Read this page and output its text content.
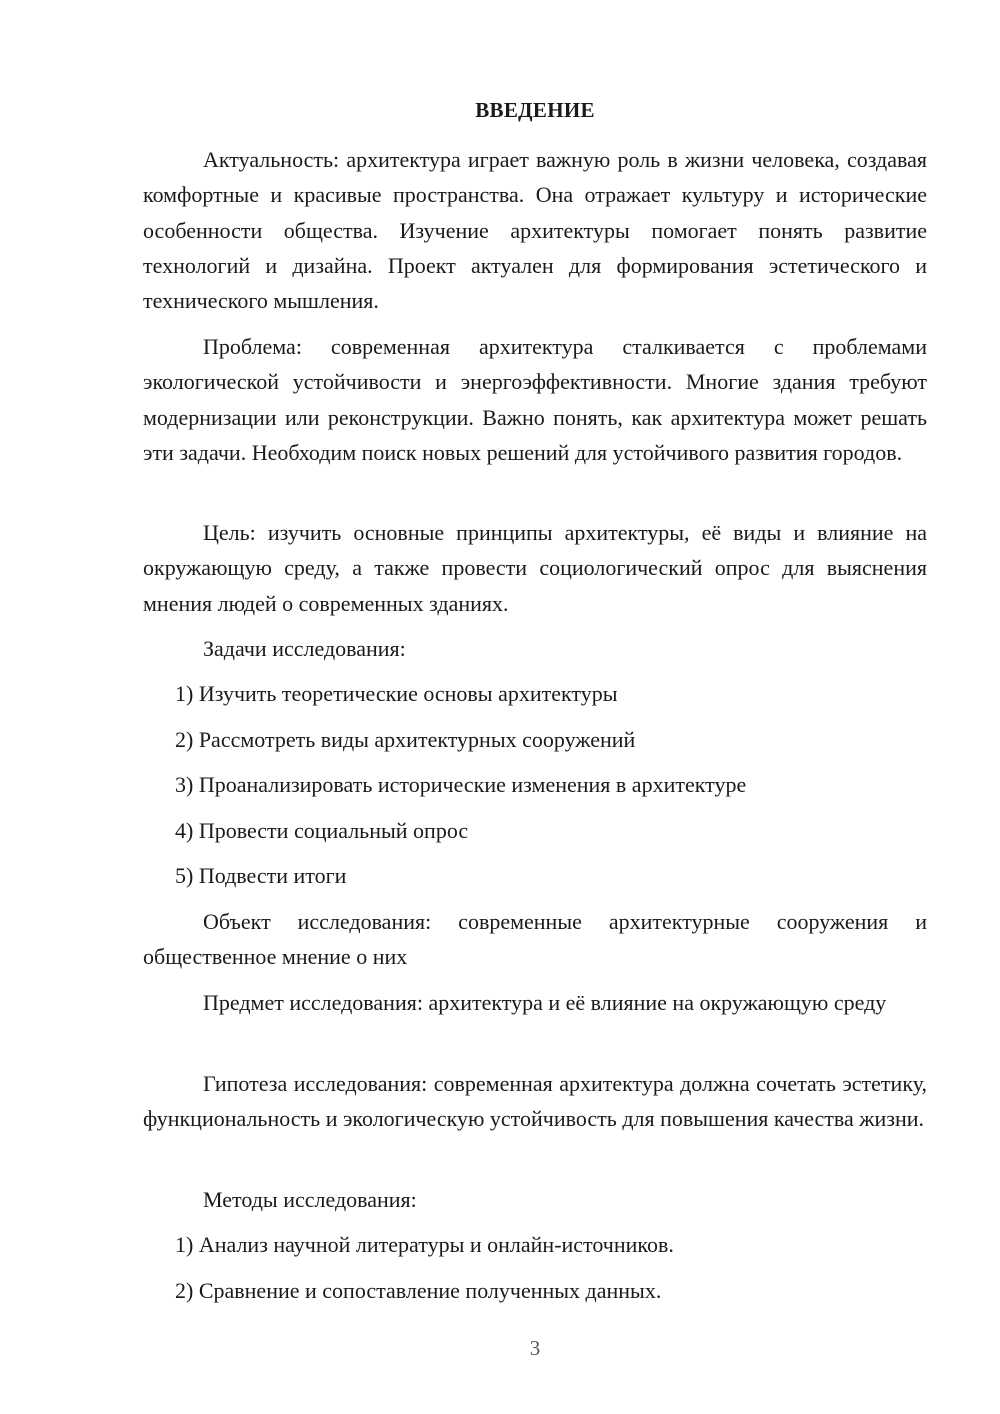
ВВЕДЕНИЕ

Актуальность: архитектура играет важную роль в жизни человека, создавая комфортные и красивые пространства. Она отражает культуру и исторические особенности общества. Изучение архитектуры помогает понять развитие технологий и дизайна. Проект актуален для формирования эстетического и технического мышления.

Проблема: современная архитектура сталкивается с проблемами экологической устойчивости и энергоэффективности. Многие здания требуют модернизации или реконструкции. Важно понять, как архитектура может решать эти задачи. Необходим поиск новых решений для устойчивого развития городов.

Цель: изучить основные принципы архитектуры, её виды и влияние на окружающую среду, а также провести социологический опрос для выяснения мнения людей о современных зданиях.

Задачи исследования:

1) Изучить теоретические основы архитектуры

2) Рассмотреть виды архитектурных сооружений

3) Проанализировать исторические изменения в архитектуре

4) Провести социальный опрос

5) Подвести итоги

Объект исследования: современные архитектурные сооружения и общественное мнение о них

Предмет исследования: архитектура и её влияние на окружающую среду

Гипотеза исследования: современная архитектура должна сочетать эстетику, функциональность и экологическую устойчивость для повышения качества жизни.

Методы исследования:

1) Анализ научной литературы и онлайн-источников.

2) Сравнение и сопоставление полученных данных.

3
